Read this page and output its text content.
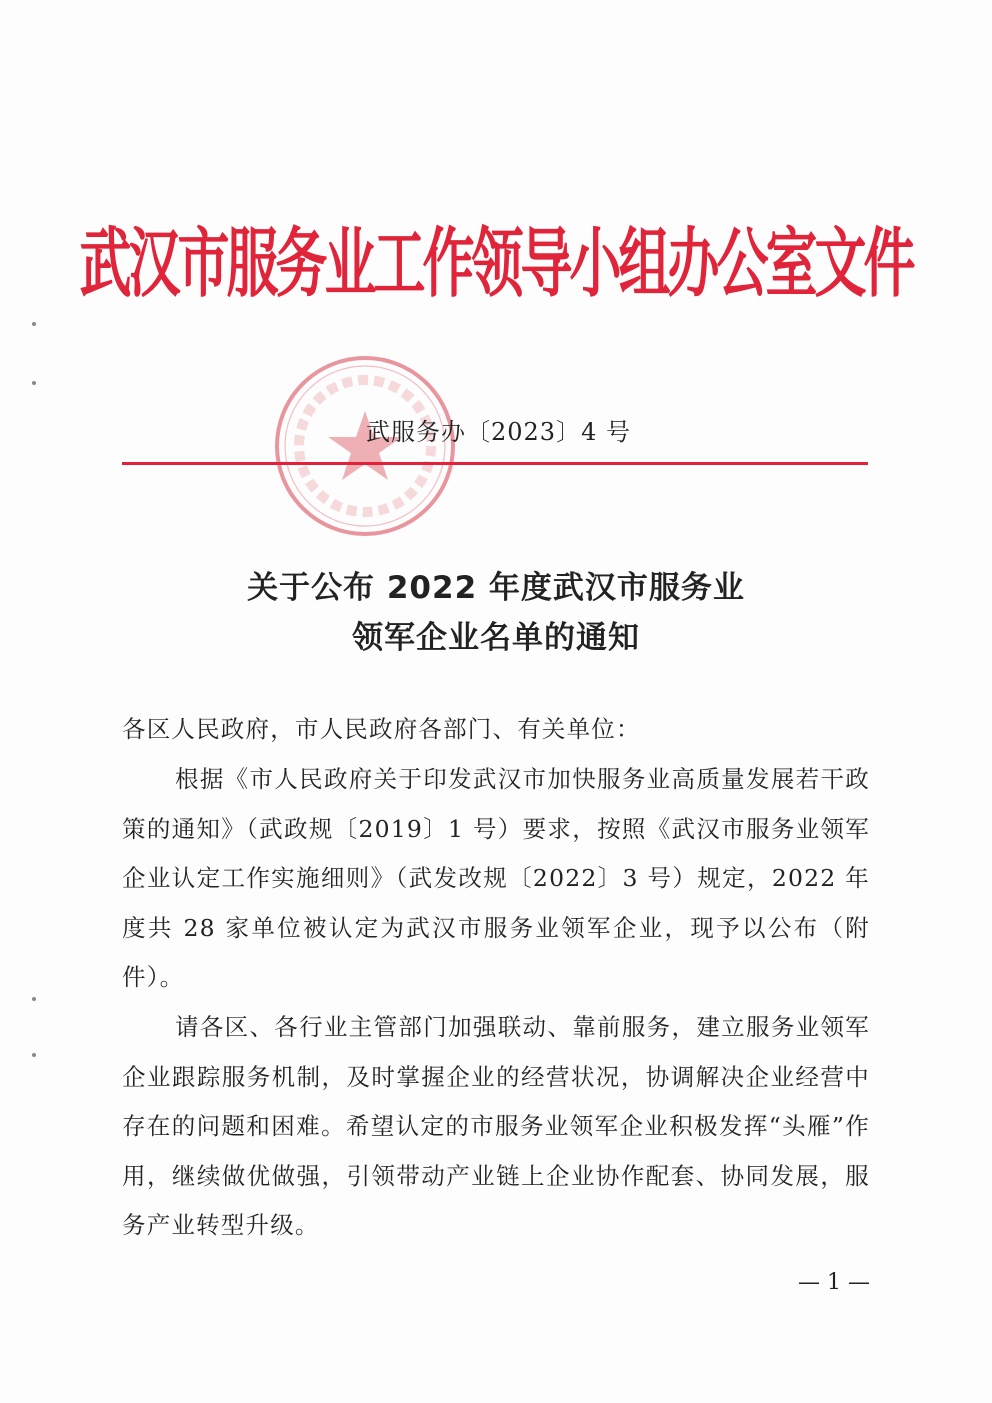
武汉市服务业工作领导小组办公室文件
武服务办〔2023〕4 号
关于公布 2022 年度武汉市服务业
领军企业名单的通知
各区人民政府，市人民政府各部门、有关单位：
根据《市人民政府关于印发武汉市加快服务业高质量发展若干政策的通知》（武政规〔2019〕1 号）要求，按照《武汉市服务业领军企业认定工作实施细则》（武发改规〔2022〕3 号）规定，2022 年度共 28 家单位被认定为武汉市服务业领军企业，现予以公布（附件）。
请各区、各行业主管部门加强联动、靠前服务，建立服务业领军企业跟踪服务机制，及时掌握企业的经营状况，协调解决企业经营中存在的问题和困难。希望认定的市服务业领军企业积极发挥“头雁”作用，继续做优做强，引领带动产业链上企业协作配套、协同发展，服务产业转型升级。
— 1 —
